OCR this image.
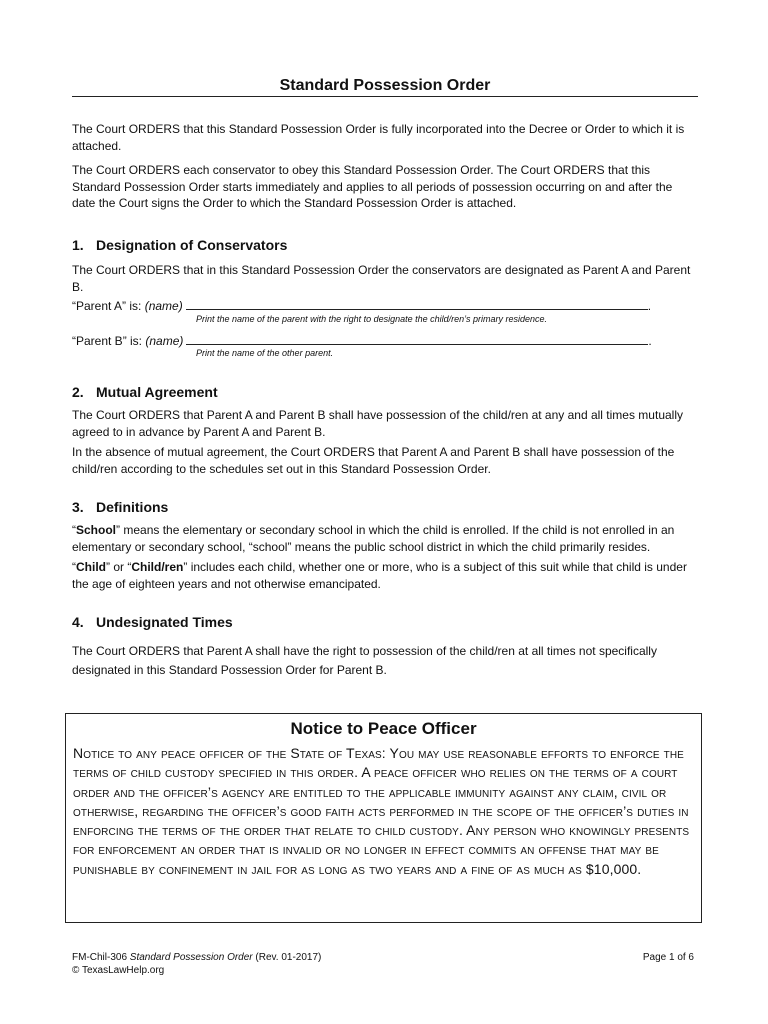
Standard Possession Order
The Court ORDERS that this Standard Possession Order is fully incorporated into the Decree or Order to which it is attached.
The Court ORDERS each conservator to obey this Standard Possession Order. The Court ORDERS that this Standard Possession Order starts immediately and applies to all periods of possession occurring on and after the date the Court signs the Order to which the Standard Possession Order is attached.
1. Designation of Conservators
The Court ORDERS that in this Standard Possession Order the conservators are designated as Parent A and Parent B.
“Parent A” is: (name)	.
Print the name of the parent with the right to designate the child/ren’s primary residence.
“Parent B” is: (name)	.
Print the name of the other parent.
2. Mutual Agreement
The Court ORDERS that Parent A and Parent B shall have possession of the child/ren at any and all times mutually agreed to in advance by Parent A and Parent B.
In the absence of mutual agreement, the Court ORDERS that Parent A and Parent B shall have possession of the child/ren according to the schedules set out in this Standard Possession Order.
3. Definitions
“School” means the elementary or secondary school in which the child is enrolled. If the child is not enrolled in an elementary or secondary school, “school” means the public school district in which the child primarily resides.
“Child” or “Child/ren” includes each child, whether one or more, who is a subject of this suit while that child is under the age of eighteen years and not otherwise emancipated.
4. Undesignated Times
The Court ORDERS that Parent A shall have the right to possession of the child/ren at all times not specifically designated in this Standard Possession Order for Parent B.
Notice to Peace Officer
Notice to any peace officer of the State of Texas: You may use reasonable efforts to enforce the terms of child custody specified in this order. A peace officer who relies on the terms of a court order and the officer’s agency are entitled to the applicable immunity against any claim, civil or otherwise, regarding the officer’s good faith acts performed in the scope of the officer’s duties in enforcing the terms of the order that relate to child custody. Any person who knowingly presents for enforcement an order that is invalid or no longer in effect commits an offense that may be punishable by confinement in jail for as long as two years and a fine of as much as $10,000.
FM-Chil-306 Standard Possession Order (Rev. 01-2017)
© TexasLawHelp.org
Page 1 of 6
